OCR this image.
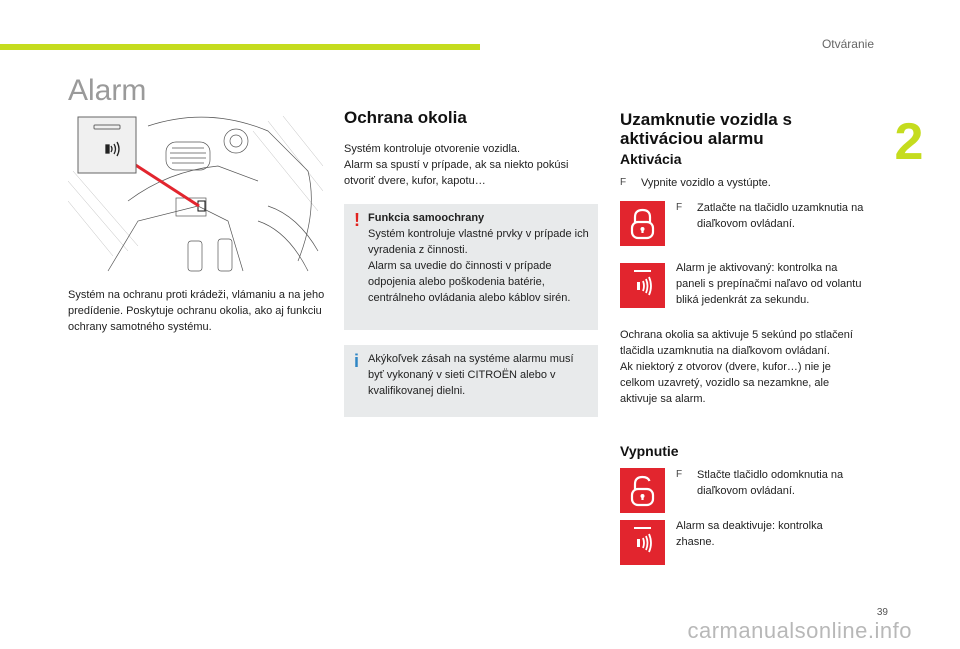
Otváranie
2
Alarm
Systém na ochranu proti krádeži, vlámaniu a na jeho predídenie. Poskytuje ochranu okolia, ako aj funkciu ochrany samotného systému.
Ochrana okolia
Systém kontroluje otvorenie vozidla.
Alarm sa spustí v prípade, ak sa niekto pokúsi otvoriť dvere, kufor, kapotu…
! Funkcia samoochrany
Systém kontroluje vlastné prvky v prípade ich vyradenia z činnosti.
Alarm sa uvedie do činnosti v prípade odpojenia alebo poškodenia batérie, centrálneho ovládania alebo káblov sirén.
i Akýkoľvek zásah na systéme alarmu musí byť vykonaný v sieti CITROËN alebo v kvalifikovanej dielni.
Uzamknutie vozidla s aktiváciou alarmu
Aktivácia
F	Vypnite vozidlo a vystúpte.
F	Zatlačte na tlačidlo uzamknutia na diaľkovom ovládaní.
Alarm je aktivovaný: kontrolka na paneli s prepínačmi naľavo od volantu bliká jedenkrát za sekundu.
Ochrana okolia sa aktivuje 5 sekúnd po stlačení tlačidla uzamknutia na diaľkovom ovládaní.
Ak niektorý z otvorov (dvere, kufor…) nie je celkom uzavretý, vozidlo sa nezamkne, ale aktivuje sa alarm.
Vypnutie
F	Stlačte tlačidlo odomknutia na diaľkovom ovládaní.
Alarm sa deaktivuje: kontrolka zhasne.
39
carmanualsonline.info
